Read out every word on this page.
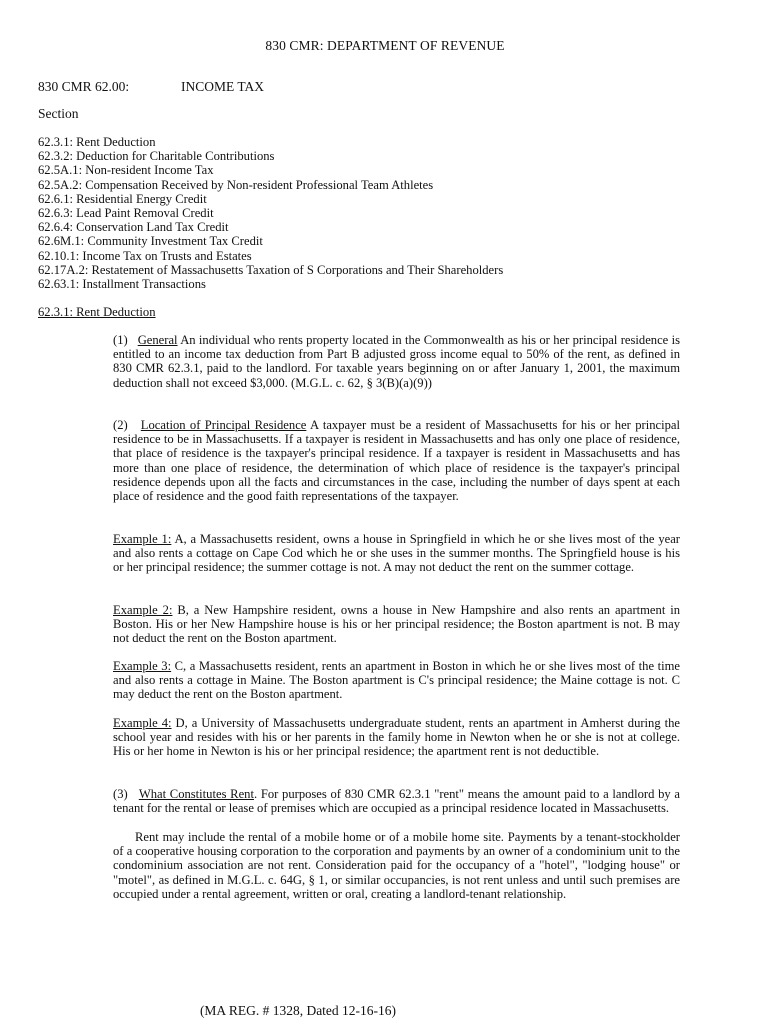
830 CMR: DEPARTMENT OF REVENUE
830 CMR 62.00:	INCOME TAX
Section
62.3.1: Rent Deduction
62.3.2: Deduction for Charitable Contributions
62.5A.1: Non-resident Income Tax
62.5A.2: Compensation Received by Non-resident Professional Team Athletes
62.6.1: Residential Energy Credit
62.6.3: Lead Paint Removal Credit
62.6.4: Conservation Land Tax Credit
62.6M.1: Community Investment Tax Credit
62.10.1: Income Tax on Trusts and Estates
62.17A.2: Restatement of Massachusetts Taxation of S Corporations and Their Shareholders
62.63.1: Installment Transactions
62.3.1: Rent Deduction
(1) General An individual who rents property located in the Commonwealth as his or her principal residence is entitled to an income tax deduction from Part B adjusted gross income equal to 50% of the rent, as defined in 830 CMR 62.3.1, paid to the landlord. For taxable years beginning on or after January 1, 2001, the maximum deduction shall not exceed $3,000. (M.G.L. c. 62, § 3(B)(a)(9))
(2) Location of Principal Residence A taxpayer must be a resident of Massachusetts for his or her principal residence to be in Massachusetts. If a taxpayer is resident in Massachusetts and has only one place of residence, that place of residence is the taxpayer's principal residence. If a taxpayer is resident in Massachusetts and has more than one place of residence, the determination of which place of residence is the taxpayer's principal residence depends upon all the facts and circumstances in the case, including the number of days spent at each place of residence and the good faith representations of the taxpayer.
Example 1: A, a Massachusetts resident, owns a house in Springfield in which he or she lives most of the year and also rents a cottage on Cape Cod which he or she uses in the summer months. The Springfield house is his or her principal residence; the summer cottage is not. A may not deduct the rent on the summer cottage.
Example 2: B, a New Hampshire resident, owns a house in New Hampshire and also rents an apartment in Boston. His or her New Hampshire house is his or her principal residence; the Boston apartment is not. B may not deduct the rent on the Boston apartment.
Example 3: C, a Massachusetts resident, rents an apartment in Boston in which he or she lives most of the time and also rents a cottage in Maine. The Boston apartment is C's principal residence; the Maine cottage is not. C may deduct the rent on the Boston apartment.
Example 4: D, a University of Massachusetts undergraduate student, rents an apartment in Amherst during the school year and resides with his or her parents in the family home in Newton when he or she is not at college. His or her home in Newton is his or her principal residence; the apartment rent is not deductible.
(3) What Constitutes Rent. For purposes of 830 CMR 62.3.1 "rent" means the amount paid to a landlord by a tenant for the rental or lease of premises which are occupied as a principal residence located in Massachusetts.
Rent may include the rental of a mobile home or of a mobile home site. Payments by a tenant-stockholder of a cooperative housing corporation to the corporation and payments by an owner of a condominium unit to the condominium association are not rent. Consideration paid for the occupancy of a "hotel", "lodging house" or "motel", as defined in M.G.L. c. 64G, § 1, or similar occupancies, is not rent unless and until such premises are occupied under a rental agreement, written or oral, creating a landlord-tenant relationship.
(MA REG. # 1328, Dated 12-16-16)
